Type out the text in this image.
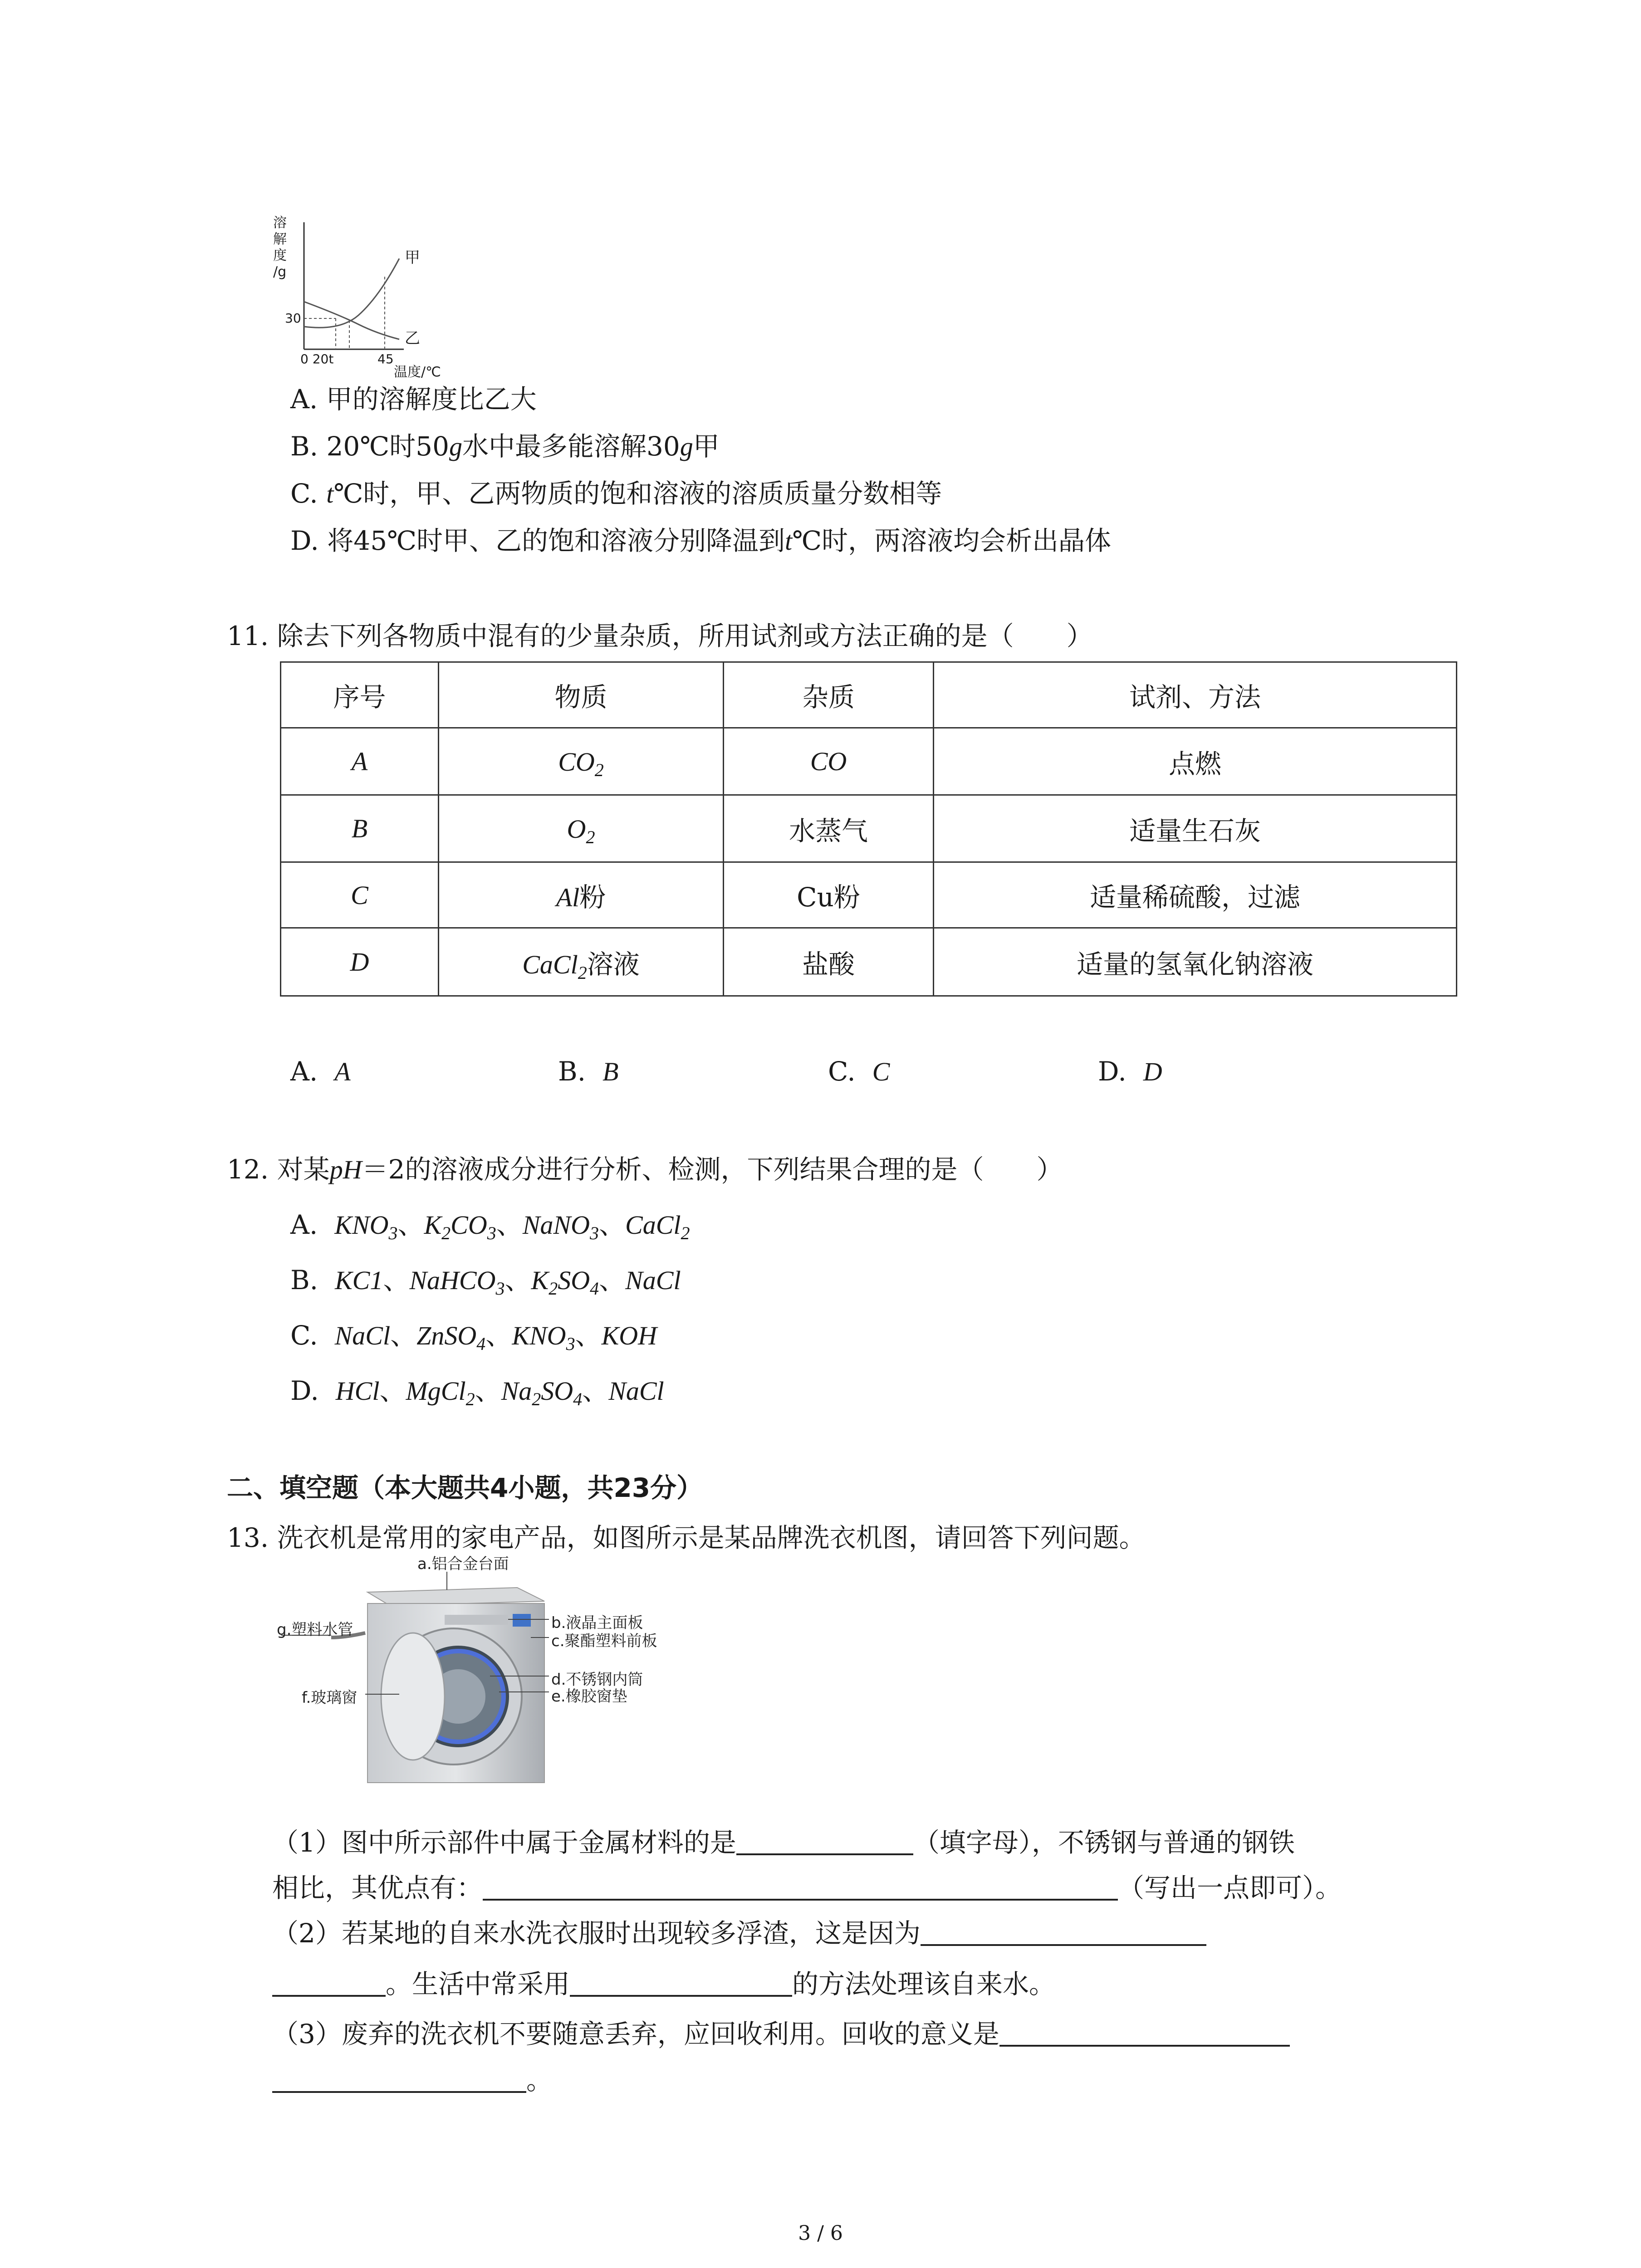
溶
解
度
/g
30
0 20t	45
温度/℃
甲
乙
A. 甲的溶解度比乙大
B. 20℃时50g水中最多能溶解30g甲
C. t℃时，甲、乙两物质的饱和溶液的溶质质量分数相等
D. 将45℃时甲、乙的饱和溶液分别降温到t℃时，两溶液均会析出晶体
11. 除去下列各物质中混有的少量杂质，所用试剂或方法正确的是（　　）
序号	物质	杂质	试剂、方法
A	$CO_2$	CO	点燃
B	$O_2$	水蒸气	适量生石灰
C	Al粉	Cu粉	适量稀硫酸，过滤
D	CaCl$_2$溶液	盐酸	适量的氢氧化钠溶液
A. A	B. B	C. C	D. D
12. 对某pH＝2的溶液成分进行分析、检测，下列结果合理的是（　　）
A. $KNO_3$、$K_2CO_3$、NaNO$_3$、CaCl$_2$
B. KC1、NaHCO$_3$、$K_2SO_4$、NaCl
C. NaCl、ZnSO$_4$、$KNO_3$、KOH
D. HCl、MgCl$_2$、$Na_2SO_4$、NaCl
二、填空题（本大题共4小题，共23分）
13. 洗衣机是常用的家电产品，如图所示是某品牌洗衣机图，请回答下列问题。
a.铝合金台面
b.液晶主面板
c.聚酯塑料前板
d.不锈钢内筒
e.橡胶窗垫
f.玻璃窗
g.塑料水管
（1）图中所示部件中属于金属材料的是	（填字母），不锈钢与普通的钢铁
相比，其优点有：	（写出一点即可）。
（2）若某地的自来水洗衣服时出现较多浮渣，这是因为
。生活中常采用	的方法处理该自来水。
（3）废弃的洗衣机不要随意丢弃，应回收利用。回收的意义是
。
3 / 6
